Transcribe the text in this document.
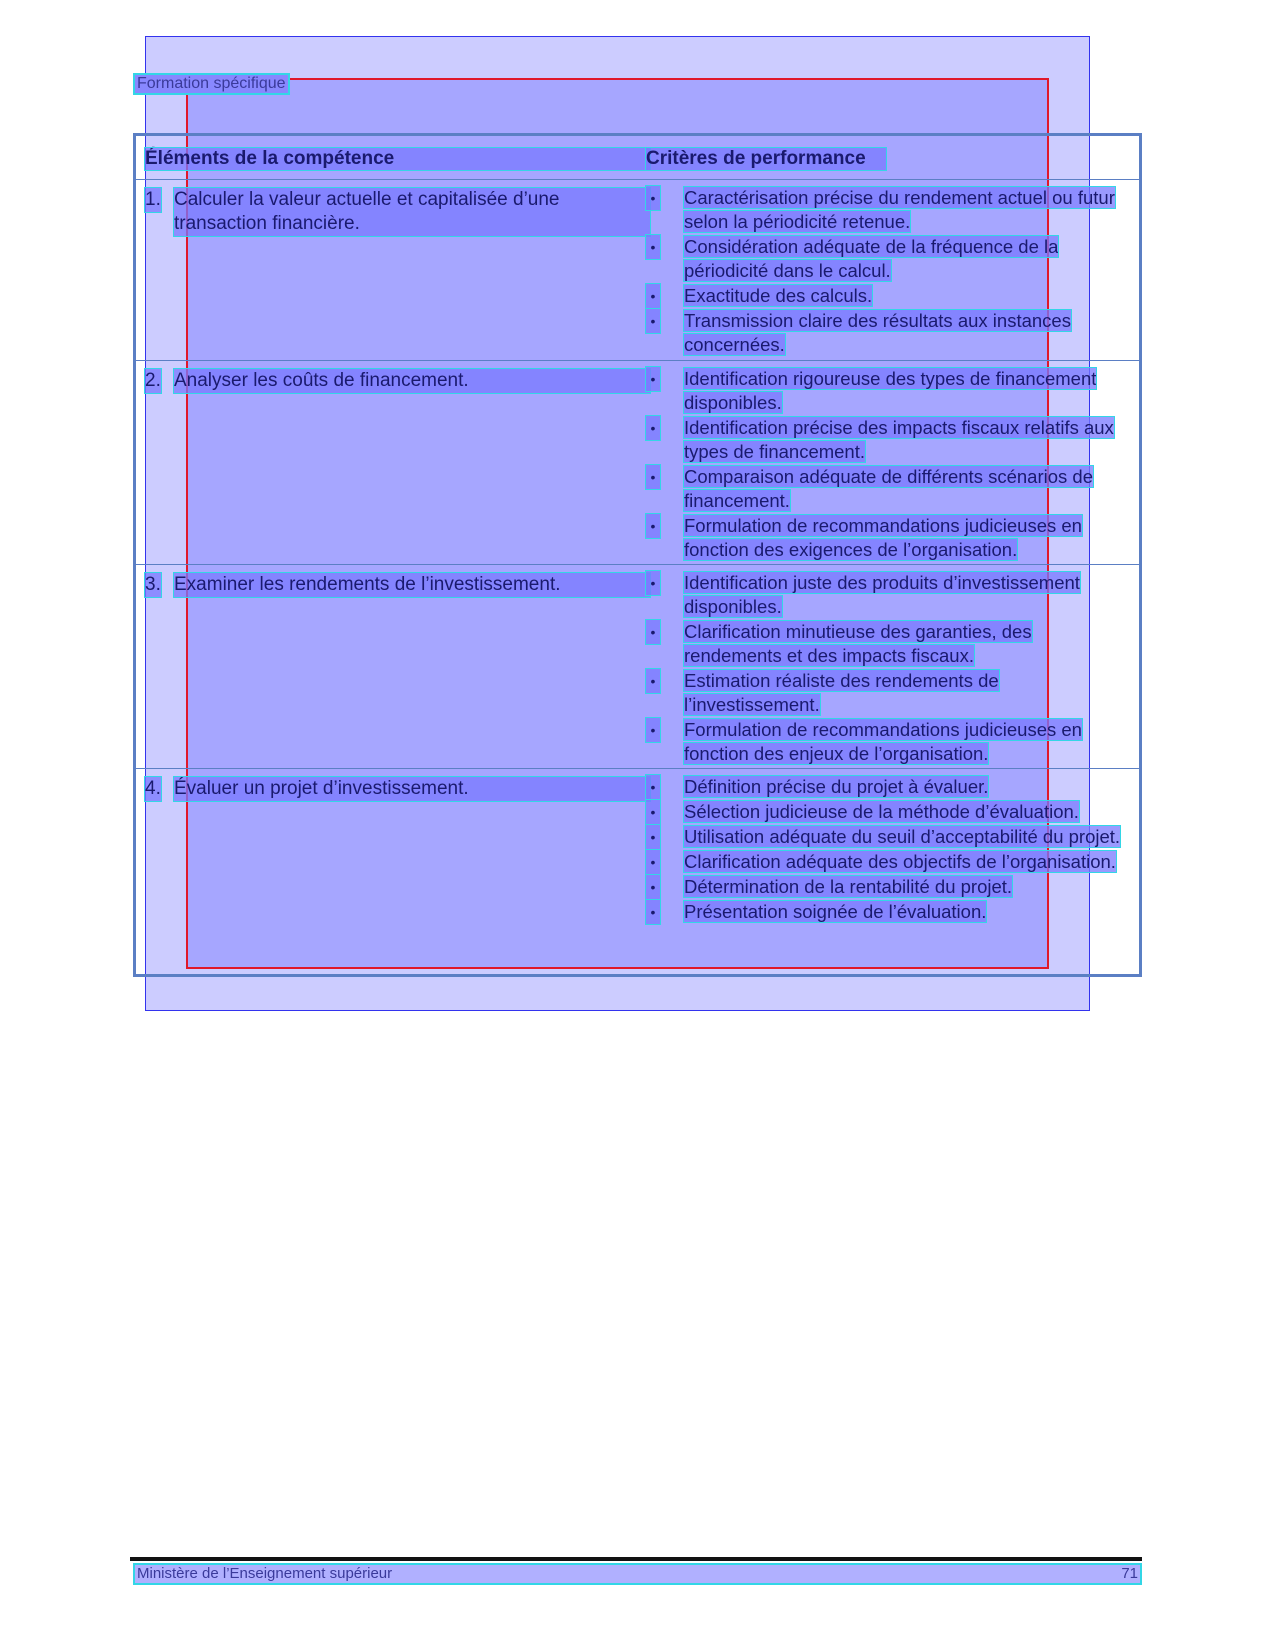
Formation spécifique
Éléments de la compétence	Critères de performance
1. Calculer la valeur actuelle et capitalisée d’une transaction financière.
• Caractérisation précise du rendement actuel ou futur selon la périodicité retenue.
• Considération adéquate de la fréquence de la périodicité dans le calcul.
• Exactitude des calculs.
• Transmission claire des résultats aux instances concernées.
2. Analyser les coûts de financement.	• Identification rigoureuse des types de financement disponibles.
• Identification précise des impacts fiscaux relatifs aux types de financement.
• Comparaison adéquate de différents scénarios de financement.
• Formulation de recommandations judicieuses en fonction des exigences de l’organisation.
3. Examiner les rendements de l’investissement.	• Identification juste des produits d’investissement disponibles.
• Clarification minutieuse des garanties, des rendements et des impacts fiscaux.
• Estimation réaliste des rendements de l’investissement.
• Formulation de recommandations judicieuses en fonction des enjeux de l’organisation.
4. Évaluer un projet d’investissement.	• Définition précise du projet à évaluer.
• Sélection judicieuse de la méthode d’évaluation.
• Utilisation adéquate du seuil d’acceptabilité du projet.
• Clarification adéquate des objectifs de l’organisation.
• Détermination de la rentabilité du projet.
• Présentation soignée de l’évaluation.
Ministère de l’Enseignement supérieur	71
